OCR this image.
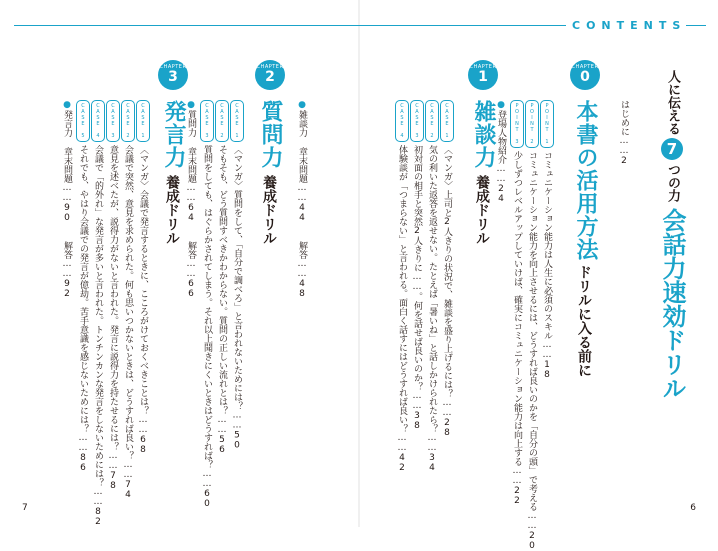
CONTENTS
人に伝える7つの力会話力速効ドリル
はじめに……2
CHAPTER
0
本書の活用方法
ドリルに入る前に
POINT 1コミュニケーション能力は人生に必須のスキル……18
POINT 2コミュニケーション能力を向上させるには、どうすれば良いのかを「自分の頭」で考える……20
POINT 3少しずつレベルアップしていけば、確実にコミュニケーション能力は向上する……22
●登場人物紹介……24
CHAPTER
1
雑談力
養成ドリル
CASE 1〈マンガ〉上司と2人きりの状況で、雑談を盛り上げるには？……28
CASE 2気の利いた返答を返せない。たとえば「暑いね」と話しかけられたら？……34
CASE 3初対面の相手と突然2人きりに……。何を話せば良いのか？……38
CASE 4体験談が「つまらない」と言われる。面白く話すにはどうすれば良い？……42
●雑談力 章末問題……44解答……48
CHAPTER
2
質問力
養成ドリル
CASE 1〈マンガ〉質問をして、「自分で調べろ」と言われないためには？……50
CASE 2そもそも、どう質問すべきかわからない。質問の正しい流れとは？……56
CASE 3質問をしても、はぐらかされてしまう。それ以上聞きにくいときはどうすれば？……60
●質問力 章末問題……64解答……66
CHAPTER
3
発言力
養成ドリル
CASE 1〈マンガ〉会議で発言するときに、こころがけておくべきことは？……68
CASE 2会議で突然、意見を求められた。何も思いつかないときは、どうすれば良い？……74
CASE 3意見を述べたが、説得力がないと言われた。発言に説得力を持たせるには？……78
CASE 4会議で「的外れ」な発言が多いと言われた。トンチンカンな発言をしないためには？……82
CASE 5それでも、やはり会議での発言が億劫。苦手意識を感じないためには？……86
●発言力 章末問題……90解答……92
7	6
